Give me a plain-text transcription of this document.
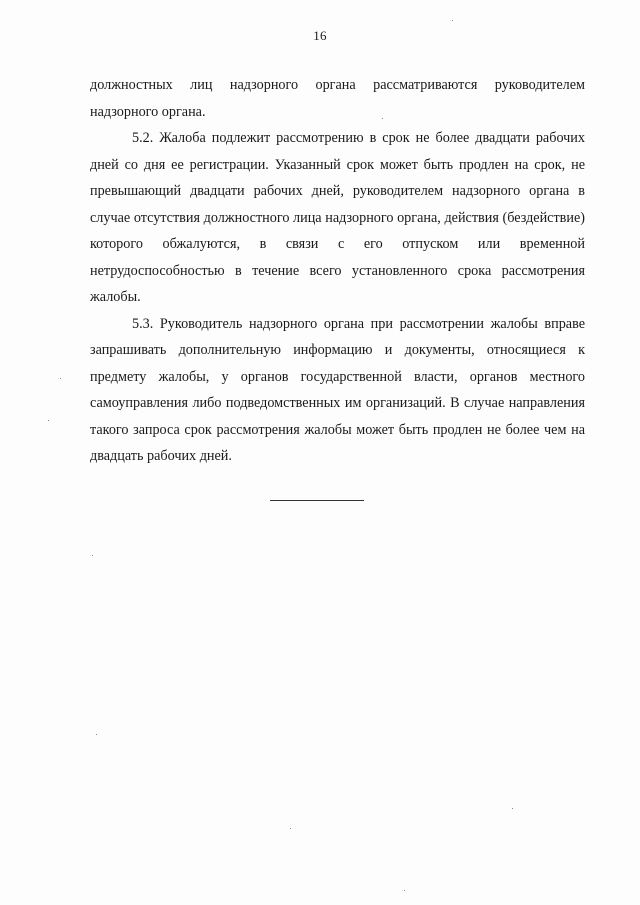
16

должностных лиц надзорного органа рассматриваются руководителем надзорного органа.

5.2. Жалоба подлежит рассмотрению в срок не более двадцати рабочих дней со дня ее регистрации. Указанный срок может быть продлен на срок, не превышающий двадцати рабочих дней, руководителем надзорного органа в случае отсутствия должностного лица надзорного органа, действия (бездействие) которого обжалуются, в связи с его отпуском или временной нетрудоспособностью в течение всего установленного срока рассмотрения жалобы.

5.3. Руководитель надзорного органа при рассмотрении жалобы вправе запрашивать дополнительную информацию и документы, относящиеся к предмету жалобы, у органов государственной власти, органов местного самоуправления либо подведомственных им организаций. В случае направления такого запроса срок рассмотрения жалобы может быть продлен не более чем на двадцать рабочих дней.
